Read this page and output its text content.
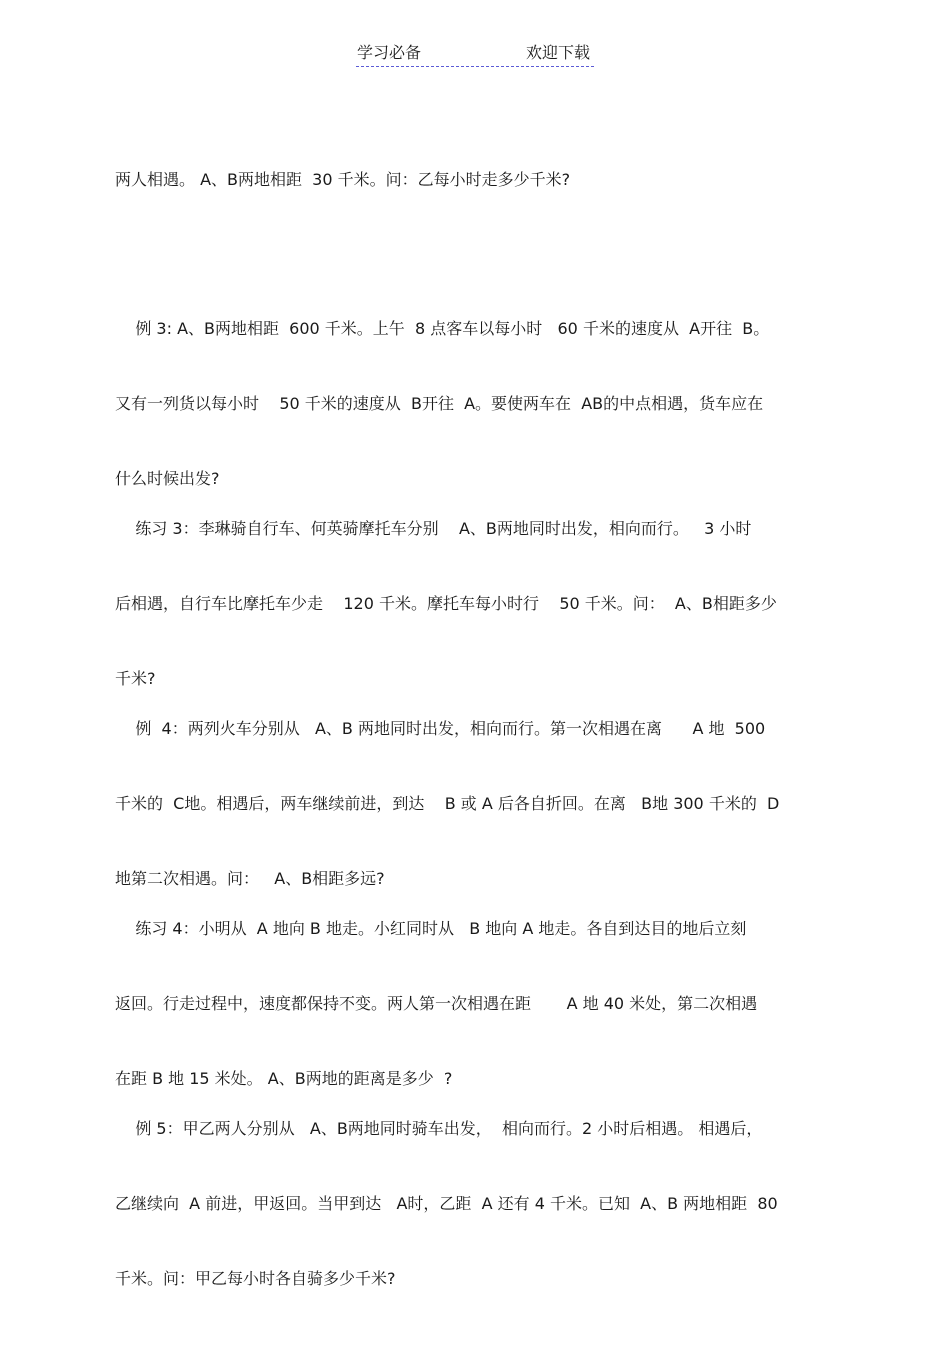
学习必备	欢迎下载

两人相遇。 A、B两地相距  30 千米。问：乙每小时走多少千米?

例 3: A、B两地相距  600 千米。上午  8 点客车以每小时   60 千米的速度从  A开往  B。

又有一列货以每小时    50 千米的速度从  B开往  A。要使两车在  AB的中点相遇，货车应在

什么时候出发?

练习 3：李琳骑自行车、何英骑摩托车分别    A、B两地同时出发，相向而行。   3 小时

后相遇，自行车比摩托车少走    120 千米。摩托车每小时行    50 千米。问：  A、B相距多少

千米?

例  4：两列火车分别从   A、B 两地同时出发，相向而行。第一次相遇在离      A 地  500

千米的  C地。相遇后，两车继续前进，到达    B 或 A 后各自折回。在离   B地 300 千米的  D

地第二次相遇。问：   A、B相距多远?

练习 4：小明从  A 地向 B 地走。小红同时从   B 地向 A 地走。各自到达目的地后立刻

返回。行走过程中，速度都保持不变。两人第一次相遇在距       A 地 40 米处，第二次相遇

在距 B 地 15 米处。 A、B两地的距离是多少  ?

例 5：甲乙两人分别从   A、B两地同时骑车出发，  相向而行。2 小时后相遇。 相遇后，

乙继续向  A 前进，甲返回。当甲到达   A时，乙距  A 还有 4 千米。已知  A、B 两地相距  80

千米。问：甲乙每小时各自骑多少千米?
